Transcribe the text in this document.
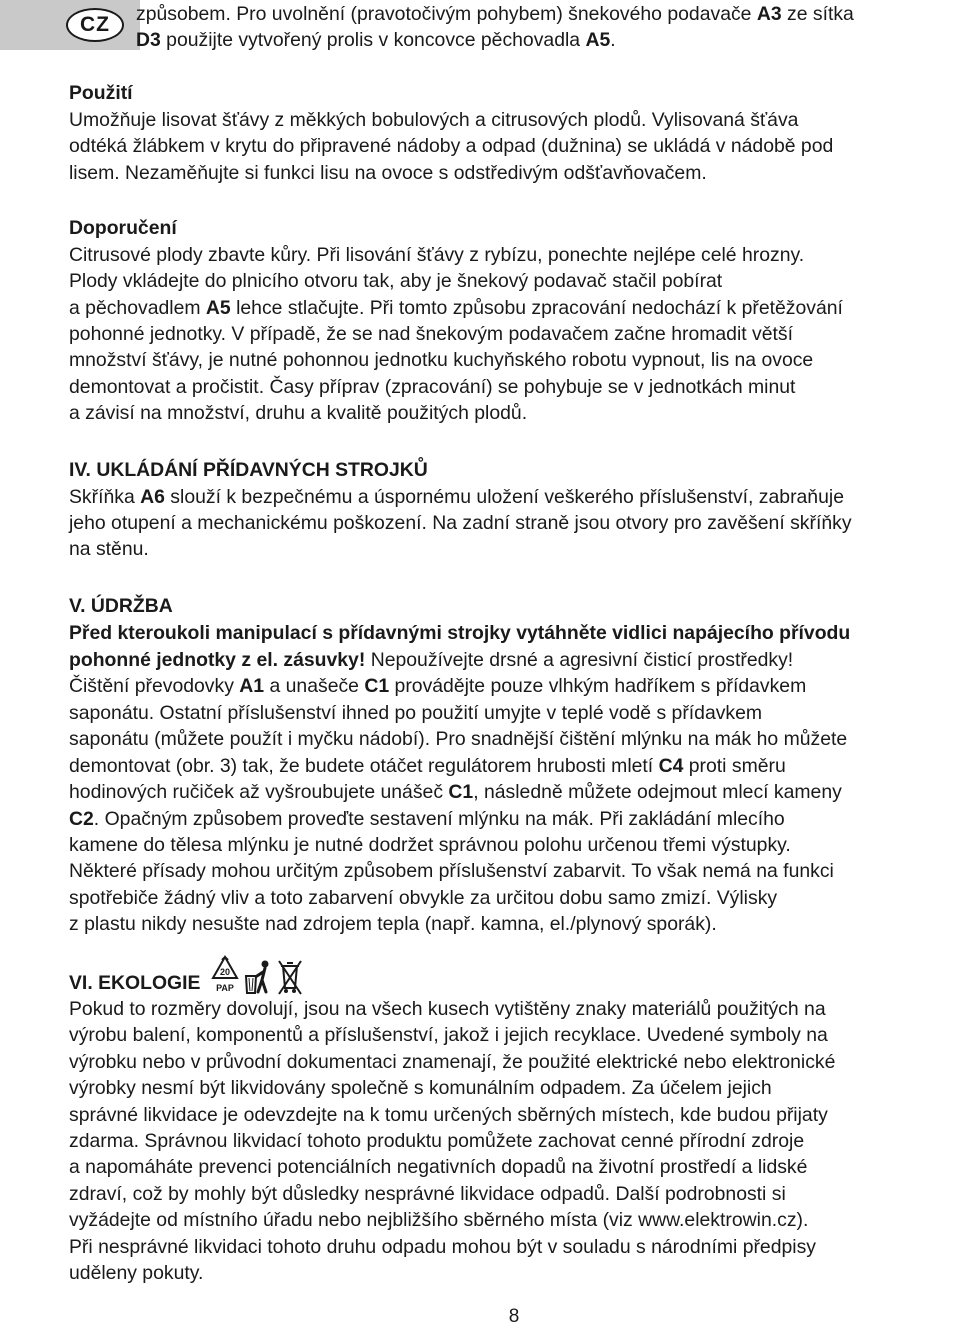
CZ	způsobem. Pro uvolnění (pravotočivým pohybem) šnekového podavače A3 ze sítka

D3 použijte vytvořený prolis v koncovce pěchovadla A5.

Použití

Umožňuje lisovat šťávy z měkkých bobulových a citrusových plodů. Vylisovaná šťáva
odtéká žlábkem v krytu do připravené nádoby a odpad (dužnina) se ukládá v nádobě pod
lisem. Nezaměňujte si funkci lisu na ovoce s odstředivým odšťavňovačem.

Doporučení

Citrusové plody zbavte kůry. Při lisování šťávy z rybízu, ponechte nejlépe celé hrozny.

Plody vkládejte do plnicího otvoru tak, aby je šnekový podavač stačil pobírat

a pěchovadlem A5 lehce stlačujte. Při tomto způsobu zpracování nedochází k přetěžování

pohonné jednotky. V případě, že se nad šnekovým podavačem začne hromadit větší
množství šťávy, je nutné pohonnou jednotku kuchyňského robotu vypnout, lis na ovoce
demontovat a pročistit. Časy příprav (zpracování) se pohybuje se v jednotkách minut
a závisí na množství, druhu a kvalitě použitých plodů.

IV. UKLÁDÁNÍ PŘÍDAVNÝCH STROJKŮ

Skříňka A6 slouží k bezpečnému a úspornému uložení veškerého příslušenství, zabraňuje

jeho otupení a mechanickému poškození. Na zadní straně jsou otvory pro zavěšení skříňky
na stěnu.

V. ÚDRŽBA

Před kteroukoli manipulací s přídavnými strojky vytáhněte vidlici napájecího přívodu

pohonné jednotky z el. zásuvky! Nepoužívejte drsné a agresivní čisticí prostředky!

Čištění převodovky A1 a unašeče C1 provádějte pouze vlhkým hadříkem s přídavkem

saponátu. Ostatní příslušenství ihned po použití umyjte v teplé vodě s přídavkem
saponátu (můžete použít i myčku nádobí). Pro snadnější čištění mlýnku na mák ho můžete

demontovat (obr. 3) tak, že budete otáčet regulátorem hrubosti mletí C4 proti směru

hodinových ručiček až vyšroubujete unášeč C1, následně můžete odejmout mlecí kameny

C2. Opačným způsobem proveďte sestavení mlýnku na mák. Při zakládání mlecího

kamene do tělesa mlýnku je nutné dodržet správnou polohu určenou třemi výstupky.
Některé přísady mohou určitým způsobem příslušenství zabarvit. To však nemá na funkci
spotřebiče žádný vliv a toto zabarvení obvykle za určitou dobu samo zmizí. Výlisky
z plastu nikdy nesušte nad zdrojem tepla (např. kamna, el./plynový sporák).

VI. EKOLOGIE 20
PAP

Pokud to rozměry dovolují, jsou na všech kusech vytištěny znaky materiálů použitých na
výrobu balení, komponentů a příslušenství, jakož i jejich recyklace. Uvedené symboly na
výrobku nebo v průvodní dokumentaci znamenají, že použité elektrické nebo elektronické
výrobky nesmí být likvidovány společně s komunálním odpadem. Za účelem jejich
správné likvidace je odevzdejte na k tomu určených sběrných místech, kde budou přijaty
zdarma. Správnou likvidací tohoto produktu pomůžete zachovat cenné přírodní zdroje
a napomáháte prevenci potenciálních negativních dopadů na životní prostředí a lidské
zdraví, což by mohly být důsledky nesprávné likvidace odpadů. Další podrobnosti si
vyžádejte od místního úřadu nebo nejbližšího sběrného místa (viz www.elektrowin.cz).
Při nesprávné likvidaci tohoto druhu odpadu mohou být v souladu s národními předpisy
uděleny pokuty.

8
